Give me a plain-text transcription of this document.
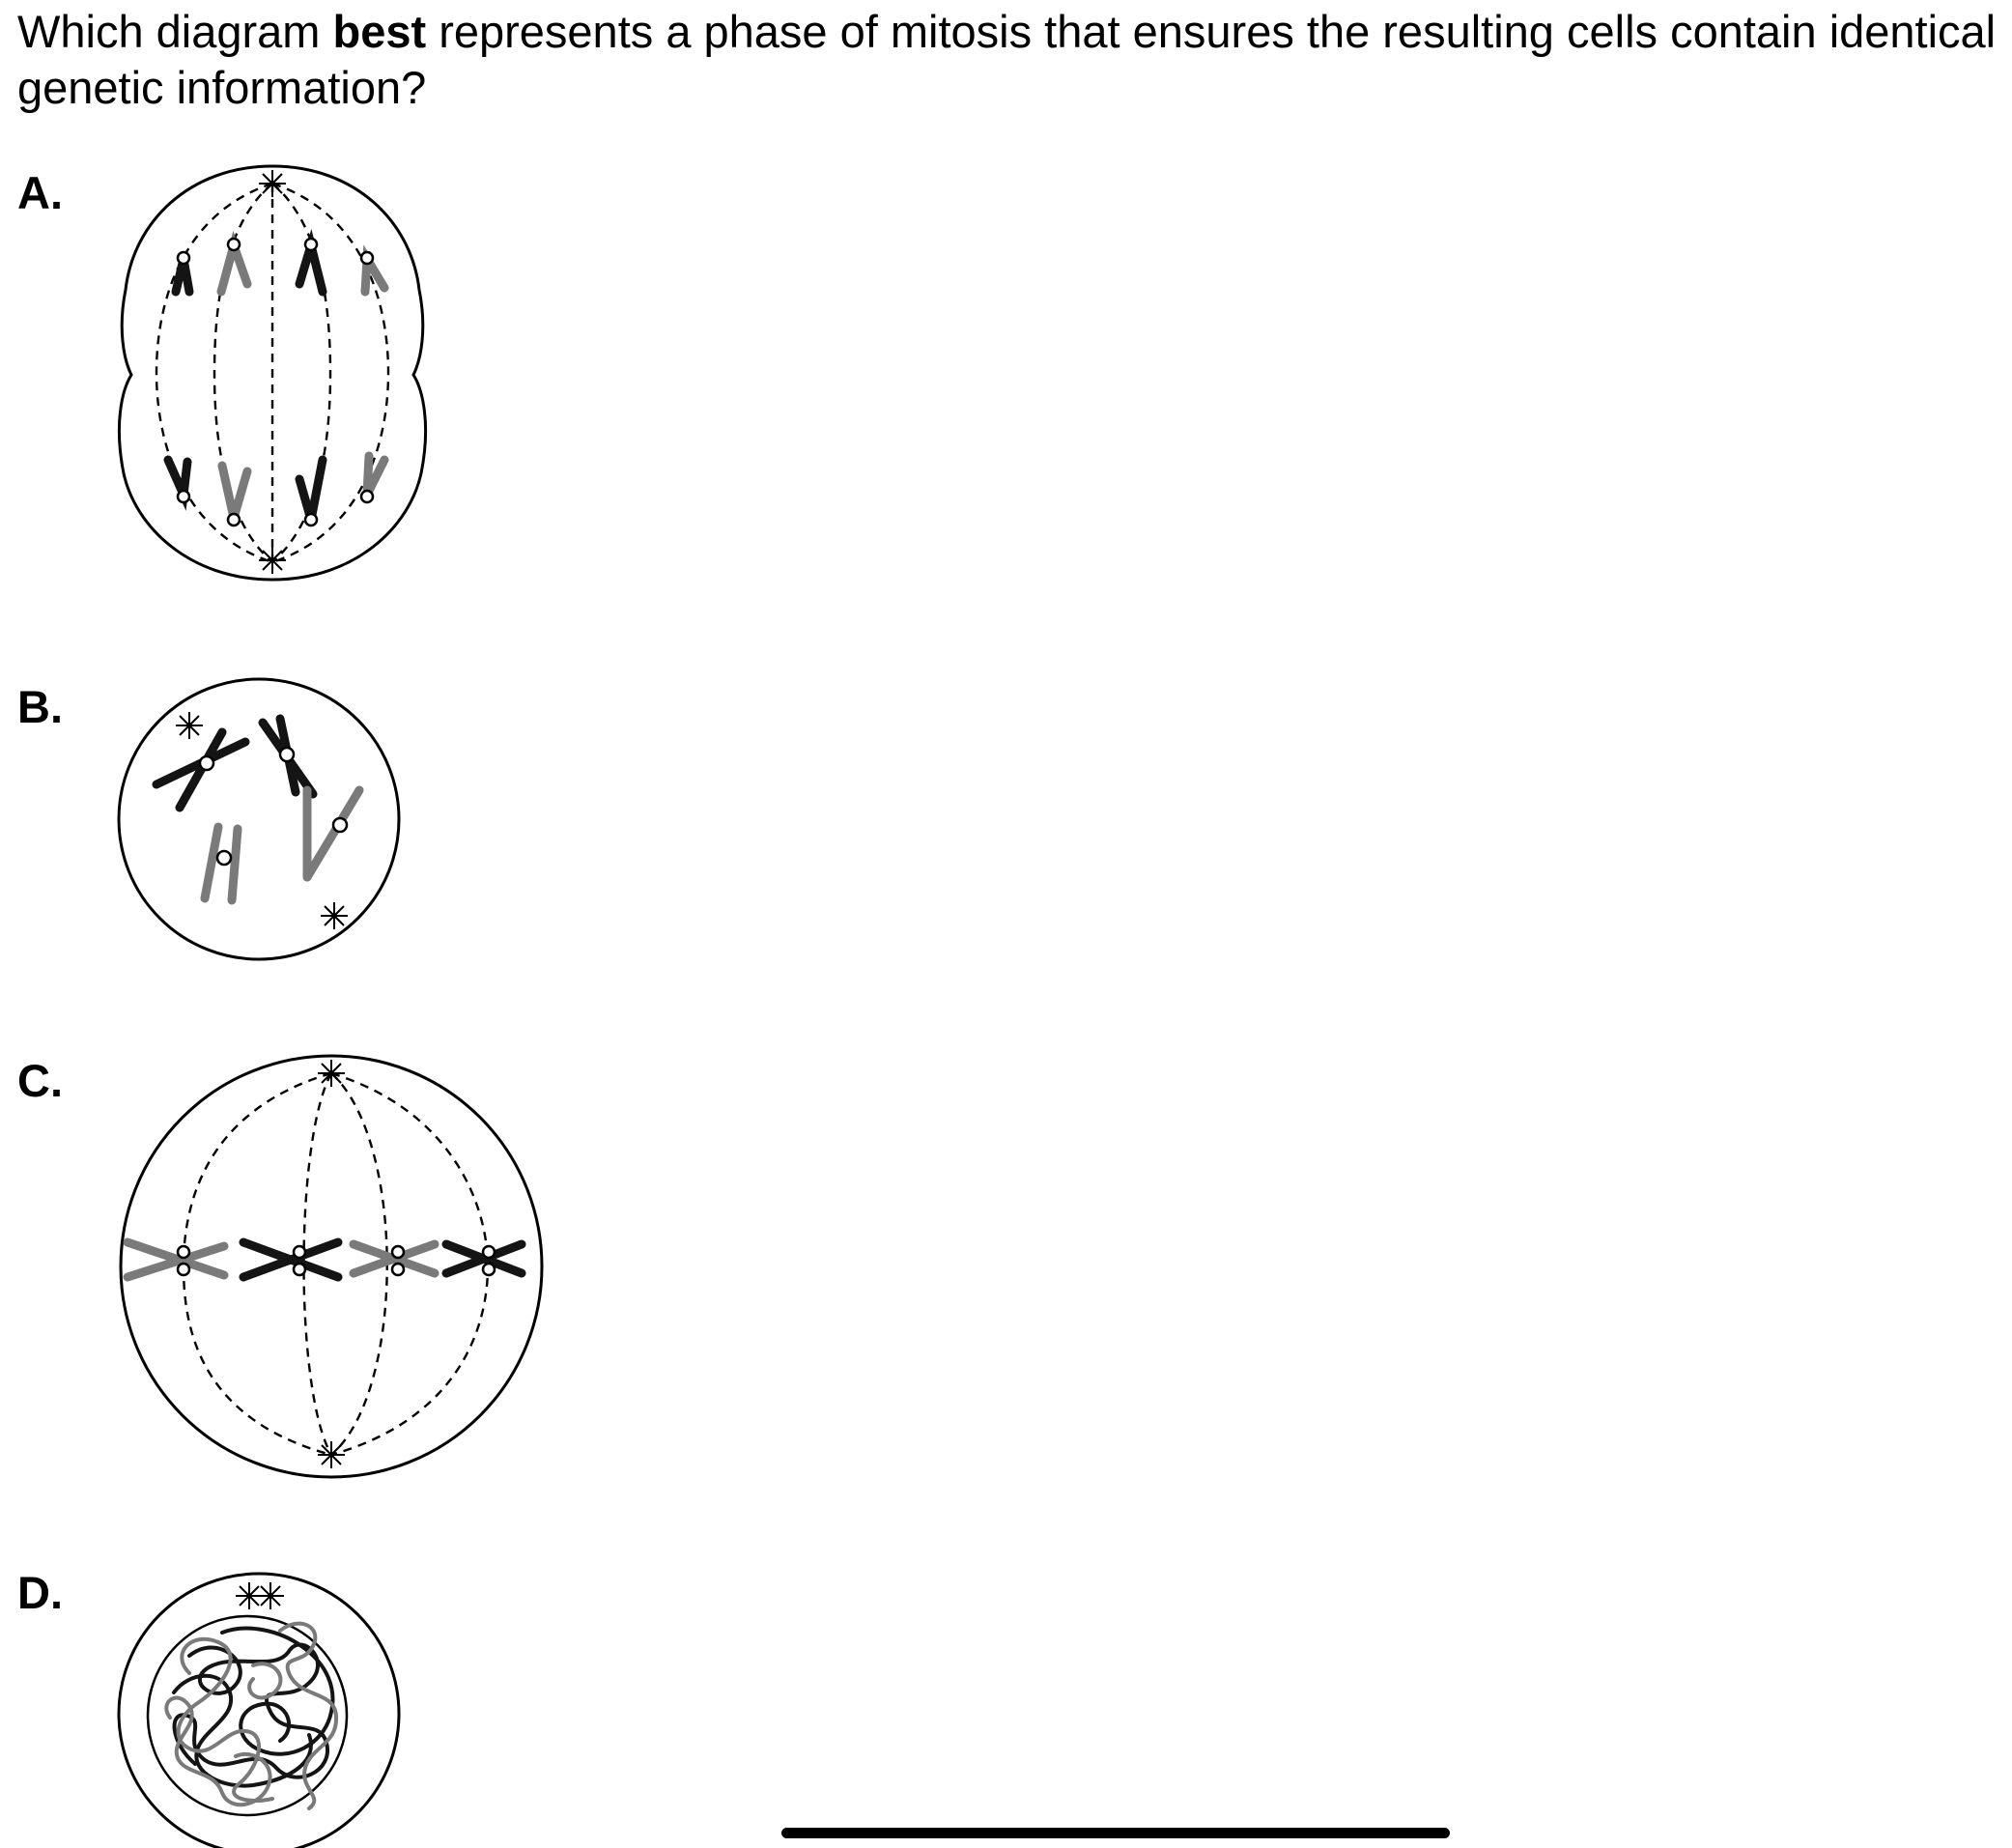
Which diagram best represents a phase of mitosis that ensures the resulting cells contain identical genetic information?

A.
B.
C.
D.
